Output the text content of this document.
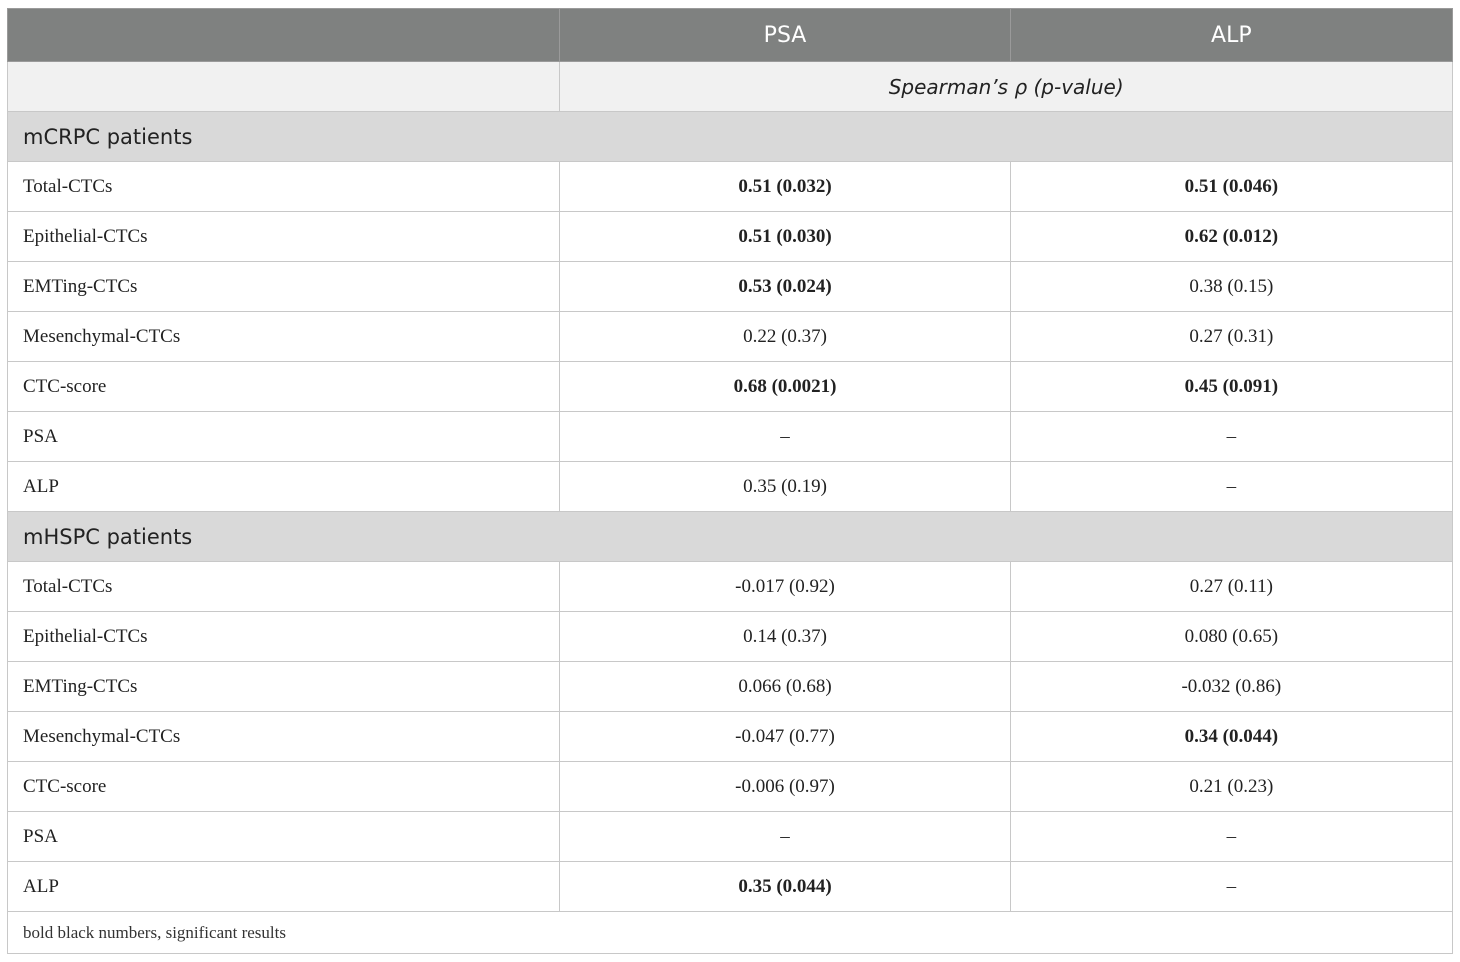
	PSA	ALP
	Spearman’s ρ (p-value)	
mCRPC patients		
Total-CTCs	0.51 (0.032)	0.51 (0.046)
Epithelial-CTCs	0.51 (0.030)	0.62 (0.012)
EMTing-CTCs	0.53 (0.024)	0.38 (0.15)
Mesenchymal-CTCs	0.22 (0.37)	0.27 (0.31)
CTC-score	0.68 (0.0021)	0.45 (0.091)
PSA	–	–
ALP	0.35 (0.19)	–
mHSPC patients		
Total-CTCs	-0.017 (0.92)	0.27 (0.11)
Epithelial-CTCs	0.14 (0.37)	0.080 (0.65)
EMTing-CTCs	0.066 (0.68)	-0.032 (0.86)
Mesenchymal-CTCs	-0.047 (0.77)	0.34 (0.044)
CTC-score	-0.006 (0.97)	0.21 (0.23)
PSA	–	–
ALP	0.35 (0.044)	–
bold black numbers, significant results		
